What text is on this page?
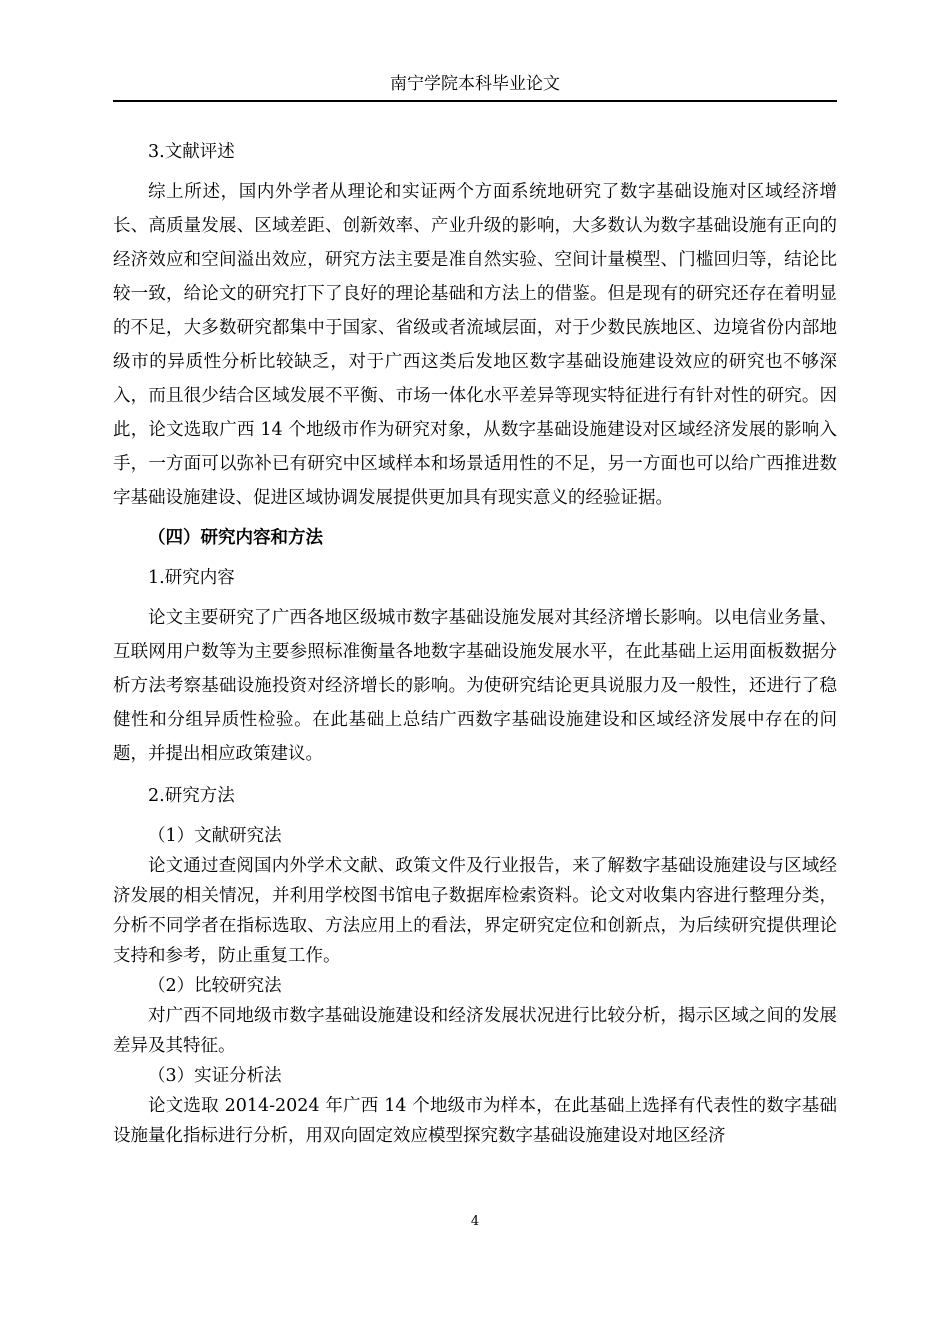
南宁学院本科毕业论文

3.文献评述

综上所述，国内外学者从理论和实证两个方面系统地研究了数字基础设施对区域经济增长、高质量发展、区域差距、创新效率、产业升级的影响，大多数认为数字基础设施有正向的经济效应和空间溢出效应，研究方法主要是准自然实验、空间计量模型、门槛回归等，结论比较一致，给论文的研究打下了良好的理论基础和方法上的借鉴。但是现有的研究还存在着明显的不足，大多数研究都集中于国家、省级或者流域层面，对于少数民族地区、边境省份内部地级市的异质性分析比较缺乏，对于广西这类后发地区数字基础设施建设效应的研究也不够深入，而且很少结合区域发展不平衡、市场一体化水平差异等现实特征进行有针对性的研究。因此，论文选取广西 14 个地级市作为研究对象，从数字基础设施建设对区域经济发展的影响入手，一方面可以弥补已有研究中区域样本和场景适用性的不足，另一方面也可以给广西推进数字基础设施建设、促进区域协调发展提供更加具有现实意义的经验证据。

（四）研究内容和方法

1.研究内容

论文主要研究了广西各地区级城市数字基础设施发展对其经济增长影响。以电信业务量、互联网用户数等为主要参照标准衡量各地数字基础设施发展水平，在此基础上运用面板数据分析方法考察基础设施投资对经济增长的影响。为使研究结论更具说服力及一般性，还进行了稳健性和分组异质性检验。在此基础上总结广西数字基础设施建设和区域经济发展中存在的问题，并提出相应政策建议。

2.研究方法

（1）文献研究法

论文通过查阅国内外学术文献、政策文件及行业报告，来了解数字基础设施建设与区域经济发展的相关情况，并利用学校图书馆电子数据库检索资料。论文对收集内容进行整理分类，分析不同学者在指标选取、方法应用上的看法，界定研究定位和创新点，为后续研究提供理论支持和参考，防止重复工作。

（2）比较研究法

对广西不同地级市数字基础设施建设和经济发展状况进行比较分析，揭示区域之间的发展差异及其特征。

（3）实证分析法

论文选取 2014-2024 年广西 14 个地级市为样本，在此基础上选择有代表性的数字基础设施量化指标进行分析，用双向固定效应模型探究数字基础设施建设对地区经济

4
